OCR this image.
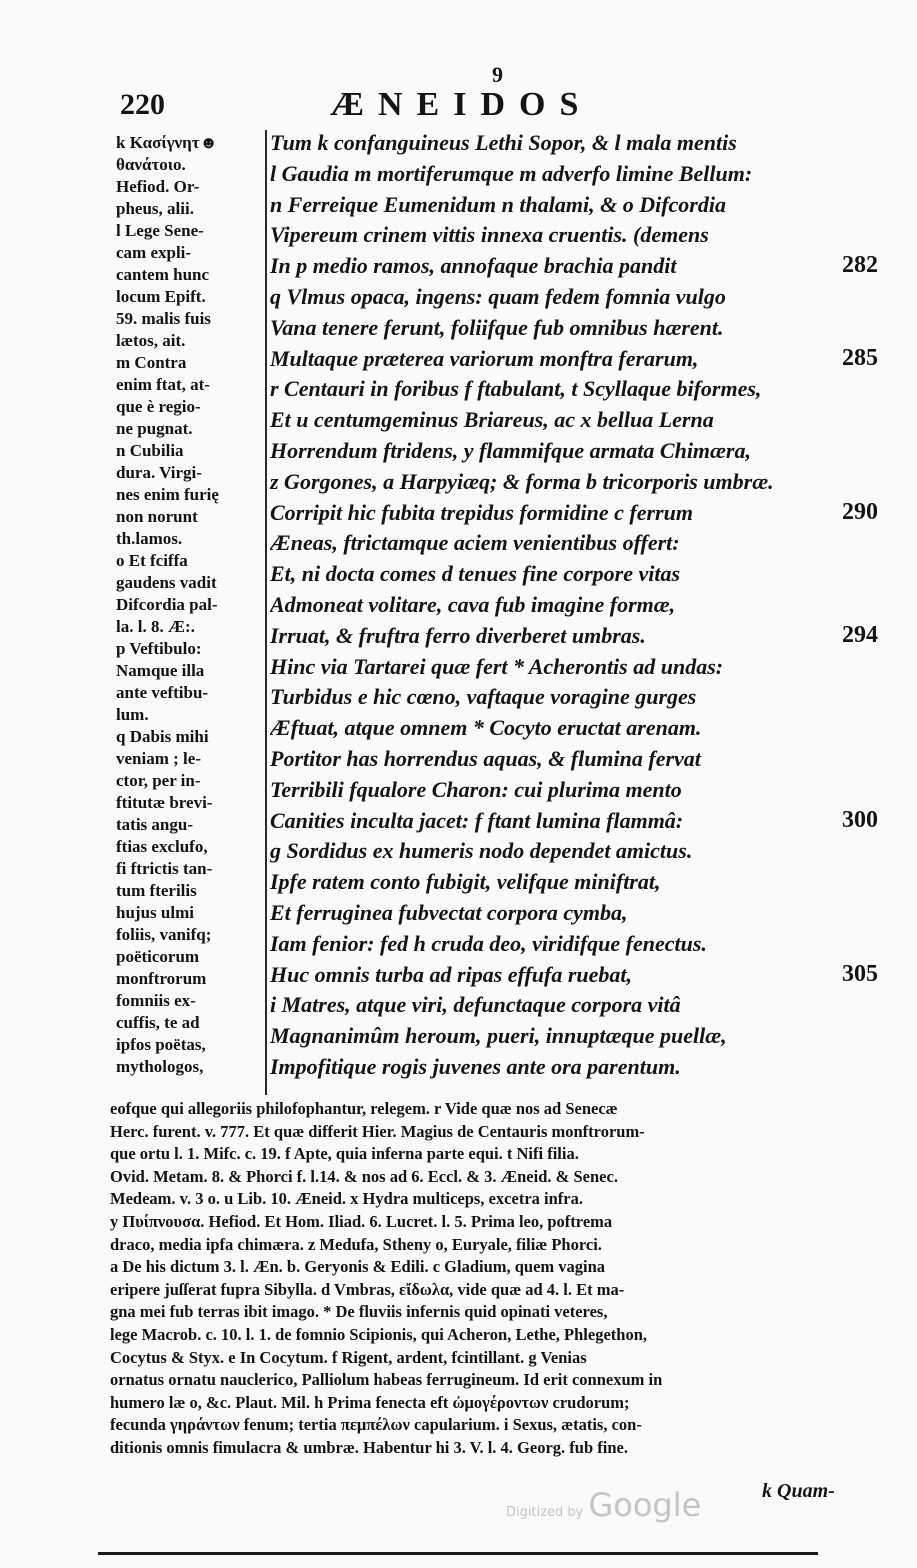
220
9
ÆNEIDOS
k Κασίγνητ☻
θανάτοιο.
Hefiod. Or-
pheus, alii.
l Lege Sene-
cam expli-
cantem hunc
locum Epift.
59. malis fuis
lætos, ait.
m Contra
enim ftat, at-
que è regio-
ne pugnat.
n Cubilia
dura. Virgi-
nes enim furię
non norunt
th.lamos.
o Et fciffa
gaudens vadit
Difcordia pal-
la. l. 8. Æ:.
p Veftibulo:
Namque illa
ante veftibu-
lum.
q Dabis mihi
veniam ; le-
ctor, per in-
ftitutæ brevi-
tatis angu-
ftias exclufo,
fi ftrictis tan-
tum fterilis
hujus ulmi
foliis, vanifq;
poëticorum
monftrorum
fomniis ex-
cuffis, te ad
ipfos poëtas,
mythologos,
Tum k confanguineus Lethi Sopor, & l mala mentis
l Gaudia m mortiferumque m adverfo limine Bellum:
n Ferreique Eumenidum n thalami, & o Difcordia
Vipereum crinem vittis innexa cruentis. (demens
In p medio ramos, annofaque brachia pandit	282
q Vlmus opaca, ingens: quam fedem fomnia vulgo
Vana tenere ferunt, foliifque fub omnibus hærent.
Multaque præterea variorum monftra ferarum,	285
r Centauri in foribus f ftabulant, t Scyllaque biformes,
Et u centumgeminus Briareus, ac x bellua Lerna
Horrendum ftridens, y flammifque armata Chimæra,
z Gorgones, a Harpyiæq; & forma b tricorporis umbræ.
Corripit hic fubita trepidus formidine c ferrum	290
Æneas, ftrictamque aciem venientibus offert:
Et, ni docta comes d tenues fine corpore vitas
Admoneat volitare, cava fub imagine formæ,
Irruat, & fruftra ferro diverberet umbras.	294
Hinc via Tartarei quæ fert * Acherontis ad undas:
Turbidus e hic cœno, vaftaque voragine gurges
Æftuat, atque omnem * Cocyto eructat arenam.
Portitor has horrendus aquas, & flumina fervat
Terribili fqualore Charon: cui plurima mento
Canities inculta jacet: f ftant lumina flammâ:	300
g Sordidus ex humeris nodo dependet amictus.
Ipfe ratem conto fubigit, velifque miniftrat,
Et ferruginea fubvectat corpora cymba,
Iam fenior: fed h cruda deo, viridifque fenectus.
Huc omnis turba ad ripas effufa ruebat,	305
i Matres, atque viri, defunctaque corpora vitâ
Magnanimûm heroum, pueri, innuptæque puellæ,
Impofitique rogis juvenes ante ora parentum.
eofque qui allegoriis philofophantur, relegem. r Vide quæ nos ad Senecæ
Herc. furent. v. 777. Et quæ differit Hier. Magius de Centauris monftrorum-
que ortu l. 1. Mifc. c. 19. f Apte, quia inferna parte equi. t Nifi filia.
Ovid. Metam. 8. & Phorci f. l.14. & nos ad 6. Eccl. & 3. Æneid. & Senec.
Medeam. v. 3 o. u Lib. 10. Æneid. x Hydra multiceps, excetra infra.
y Πυίπνουσα. Hefiod. Et Hom. Iliad. 6. Lucret. l. 5. Prima leo, poftrema
draco, media ipfa chimæra. z Medufa, Stheny o, Euryale, filiæ Phorci.
a De his dictum 3. l. Æn. b. Geryonis & Edili. c Gladium, quem vagina
eripere juſſerat fupra Sibylla. d Vmbras, εἴδωλα, vide quæ ad 4. l. Et ma-
gna mei fub terras ibit imago. * De fluviis infernis quid opinati veteres,
lege Macrob. c. 10. l. 1. de fomnio Scipionis, qui Acheron, Lethe, Phlegethon,
Cocytus & Styx. e In Cocytum. f Rigent, ardent, fcintillant. g Venias
ornatus ornatu nauclerico, Palliolum habeas ferrugineum. Id erit connexum in
humero læ o, &c. Plaut. Mil. h Prima fenecta eft ὠμογέροντων crudorum;
fecunda γηράντων fenum; tertia πεμπέλων capularium. i Sexus, ætatis, con-
ditionis omnis fimulacra & umbræ. Habentur hi 3. V. l. 4. Georg. fub fine.
Digitized by Google	k Quam-
